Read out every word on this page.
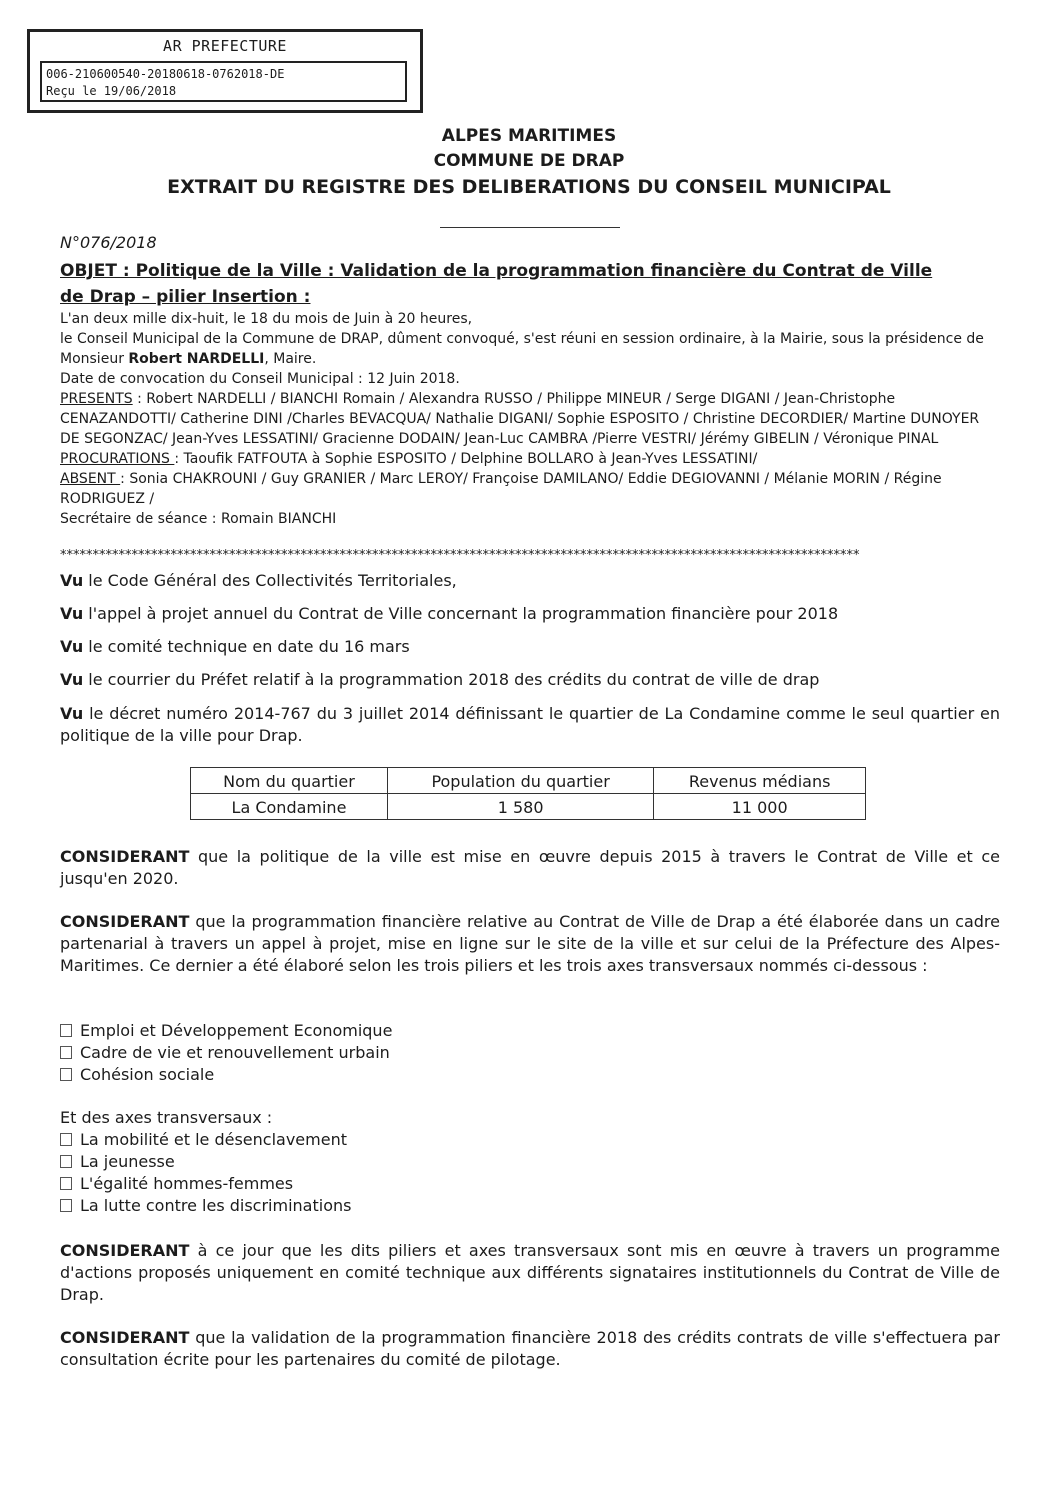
AR PREFECTURE
006-210600540-20180618-0762018-DE
Reçu le 19/06/2018
ALPES MARITIMES
COMMUNE DE DRAP
EXTRAIT DU REGISTRE DES DELIBERATIONS DU CONSEIL MUNICIPAL
N°076/2018
OBJET : Politique de la Ville : Validation de la programmation financière du Contrat de Ville de Drap – pilier Insertion :
L'an deux mille dix-huit, le 18 du mois de Juin à 20 heures,
le Conseil Municipal de la Commune de DRAP, dûment convoqué, s'est réuni en session ordinaire, à la Mairie, sous la présidence de Monsieur Robert NARDELLI, Maire.
Date de convocation du Conseil Municipal : 12 Juin 2018.
PRESENTS : Robert NARDELLI / BIANCHI Romain / Alexandra RUSSO / Philippe MINEUR / Serge DIGANI / Jean-Christophe CENAZANDOTTI/ Catherine DINI /Charles BEVACQUA/ Nathalie DIGANI/ Sophie ESPOSITO / Christine DECORDIER/ Martine DUNOYER DE SEGONZAC/ Jean-Yves LESSATINI/ Gracienne DODAIN/ Jean-Luc CAMBRA /Pierre VESTRI/ Jérémy GIBELIN / Véronique PINAL
PROCURATIONS : Taoufik FATFOUTA à Sophie ESPOSITO / Delphine BOLLARO à Jean-Yves LESSATINI/
ABSENT : Sonia CHAKROUNI / Guy GRANIER / Marc LEROY/ Françoise DAMILANO/ Eddie DEGIOVANNI / Mélanie MORIN / Régine RODRIGUEZ /
Secrétaire de séance : Romain BIANCHI
***************************************************************************************************************************
Vu le Code Général des Collectivités Territoriales,
Vu l'appel à projet annuel du Contrat de Ville concernant la programmation financière pour 2018
Vu le comité technique en date du 16 mars
Vu le courrier du Préfet relatif à la programmation 2018 des crédits du contrat de ville de drap
Vu le décret numéro 2014-767 du 3 juillet 2014 définissant le quartier de La Condamine comme le seul quartier en politique de la ville pour Drap.
Nom du quartier	Population du quartier	Revenus médians
La Condamine	1 580	11 000
CONSIDERANT que la politique de la ville est mise en œuvre depuis 2015 à travers le Contrat de Ville et ce jusqu'en 2020.
CONSIDERANT que la programmation financière relative au Contrat de Ville de Drap a été élaborée dans un cadre partenarial à travers un appel à projet, mise en ligne sur le site de la ville et sur celui de la Préfecture des Alpes-Maritimes. Ce dernier a été élaboré selon les trois piliers et les trois axes transversaux nommés ci-dessous :
Emploi et Développement Economique
Cadre de vie et renouvellement urbain
Cohésion sociale
Et des axes transversaux :
La mobilité et le désenclavement
La jeunesse
L'égalité hommes-femmes
La lutte contre les discriminations
CONSIDERANT à ce jour que les dits piliers et axes transversaux sont mis en œuvre à travers un programme d'actions proposés uniquement en comité technique aux différents signataires institutionnels du Contrat de Ville de Drap.
CONSIDERANT que la validation de la programmation financière 2018 des crédits contrats de ville s'effectuera par consultation écrite pour les partenaires du comité de pilotage.
